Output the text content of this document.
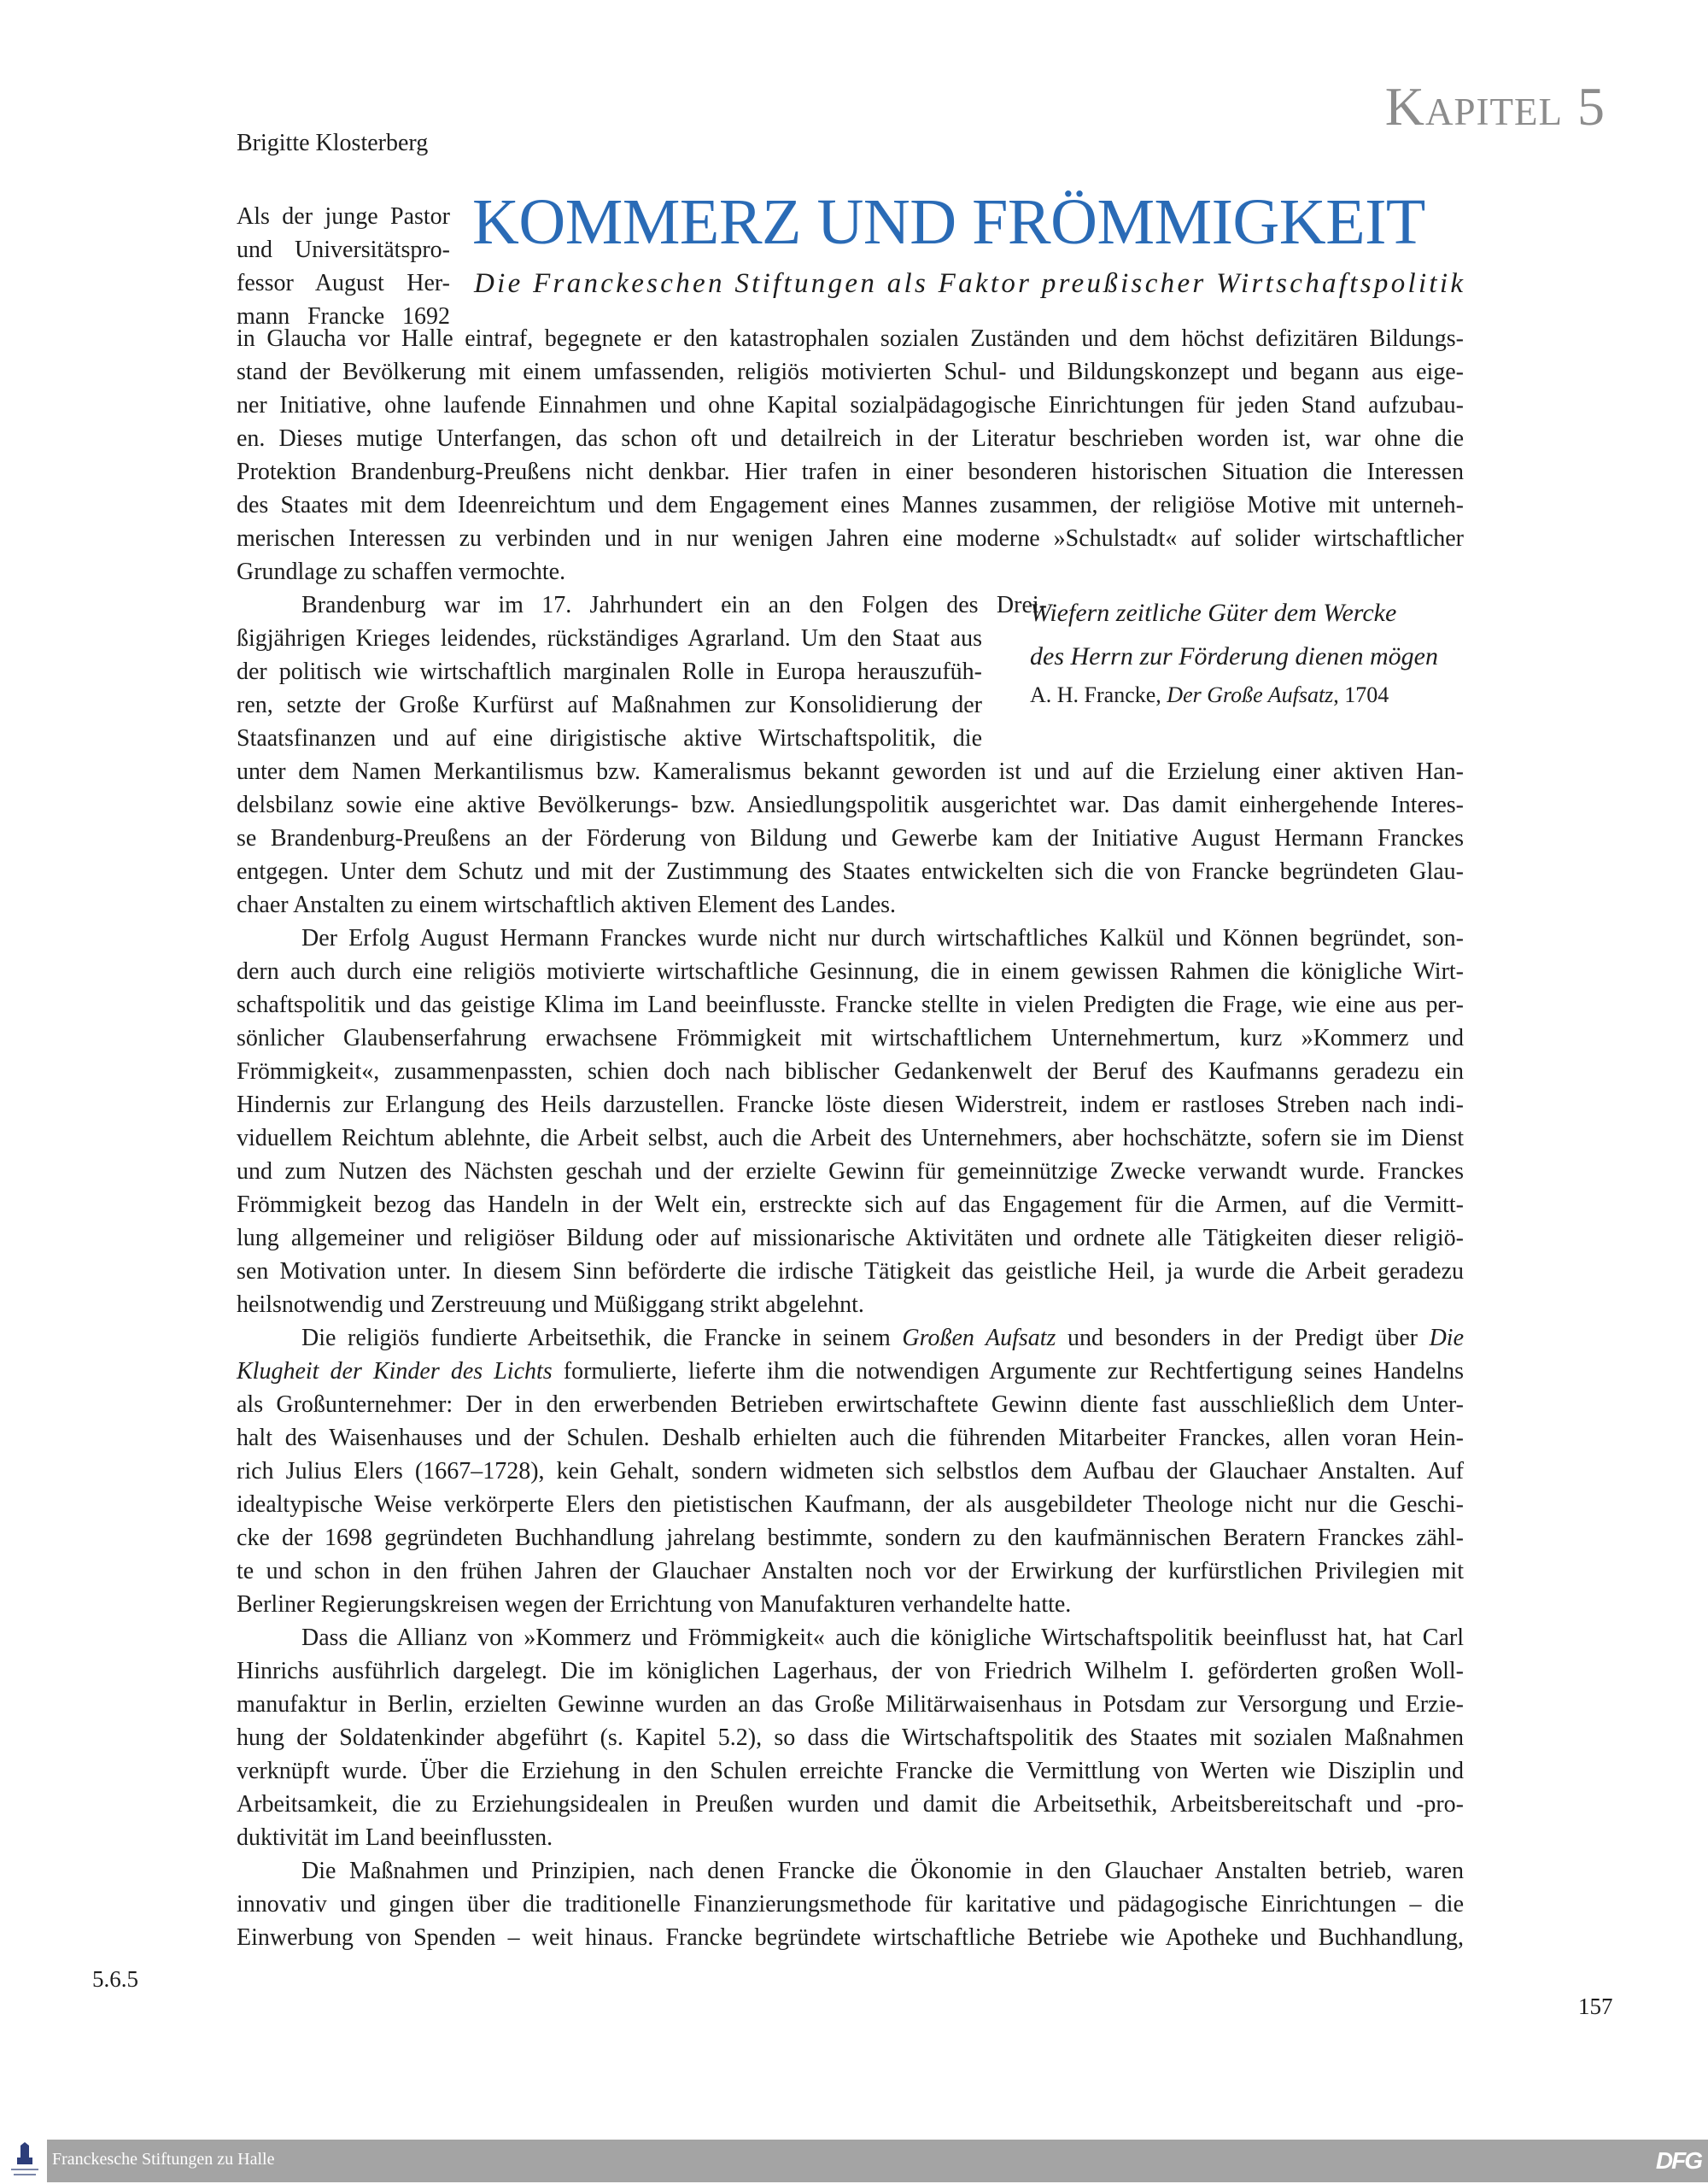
Kapitel 5
Brigitte Klosterberg
Als der junge Pastor
und Universitätspro-
fessor August Her-
mann Francke 1692
KOMMERZ UND FRÖMMIGKEIT
Die Franckeschen Stiftungen als Faktor preußischer Wirtschaftspolitik
in Glaucha vor Halle eintraf, begegnete er den katastrophalen sozialen Zuständen und dem höchst defizitären Bildungs-
stand der Bevölkerung mit einem umfassenden, religiös motivierten Schul- und Bildungskonzept und begann aus eige-
ner Initiative, ohne laufende Einnahmen und ohne Kapital sozialpädagogische Einrichtungen für jeden Stand aufzubau-
en. Dieses mutige Unterfangen, das schon oft und detailreich in der Literatur beschrieben worden ist, war ohne die
Protektion Brandenburg-Preußens nicht denkbar. Hier trafen in einer besonderen historischen Situation die Interessen
des Staates mit dem Ideenreichtum und dem Engagement eines Mannes zusammen, der religiöse Motive mit unterneh-
merischen Interessen zu verbinden und in nur wenigen Jahren eine moderne »Schulstadt« auf solider wirtschaftlicher
Grundlage zu schaffen vermochte.
Brandenburg war im 17. Jahrhundert ein an den Folgen des Drei-
ßigjährigen Krieges leidendes, rückständiges Agrarland. Um den Staat aus
der politisch wie wirtschaftlich marginalen Rolle in Europa herauszufüh-
ren, setzte der Große Kurfürst auf Maßnahmen zur Konsolidierung der
Staatsfinanzen und auf eine dirigistische aktive Wirtschaftspolitik, die
unter dem Namen Merkantilismus bzw. Kameralismus bekannt geworden ist und auf die Erzielung einer aktiven Han-
delsbilanz sowie eine aktive Bevölkerungs- bzw. Ansiedlungspolitik ausgerichtet war. Das damit einhergehende Interes-
se Brandenburg-Preußens an der Förderung von Bildung und Gewerbe kam der Initiative August Hermann Franckes
entgegen. Unter dem Schutz und mit der Zustimmung des Staates entwickelten sich die von Francke begründeten Glau-
chaer Anstalten zu einem wirtschaftlich aktiven Element des Landes.
Der Erfolg August Hermann Franckes wurde nicht nur durch wirtschaftliches Kalkül und Können begründet, son-
dern auch durch eine religiös motivierte wirtschaftliche Gesinnung, die in einem gewissen Rahmen die königliche Wirt-
schaftspolitik und das geistige Klima im Land beeinflusste. Francke stellte in vielen Predigten die Frage, wie eine aus per-
sönlicher Glaubenserfahrung erwachsene Frömmigkeit mit wirtschaftlichem Unternehmertum, kurz »Kommerz und
Frömmigkeit«, zusammenpassten, schien doch nach biblischer Gedankenwelt der Beruf des Kaufmanns geradezu ein
Hindernis zur Erlangung des Heils darzustellen. Francke löste diesen Widerstreit, indem er rastloses Streben nach indi-
viduellem Reichtum ablehnte, die Arbeit selbst, auch die Arbeit des Unternehmers, aber hochschätzte, sofern sie im Dienst
und zum Nutzen des Nächsten geschah und der erzielte Gewinn für gemeinnützige Zwecke verwandt wurde. Franckes
Frömmigkeit bezog das Handeln in der Welt ein, erstreckte sich auf das Engagement für die Armen, auf die Vermitt-
lung allgemeiner und religiöser Bildung oder auf missionarische Aktivitäten und ordnete alle Tätigkeiten dieser religiö-
sen Motivation unter. In diesem Sinn beförderte die irdische Tätigkeit das geistliche Heil, ja wurde die Arbeit geradezu
heilsnotwendig und Zerstreuung und Müßiggang strikt abgelehnt.
Die religiös fundierte Arbeitsethik, die Francke in seinem Großen Aufsatz und besonders in der Predigt über Die
Klugheit der Kinder des Lichts formulierte, lieferte ihm die notwendigen Argumente zur Rechtfertigung seines Handelns
als Großunternehmer: Der in den erwerbenden Betrieben erwirtschaftete Gewinn diente fast ausschließlich dem Unter-
halt des Waisenhauses und der Schulen. Deshalb erhielten auch die führenden Mitarbeiter Franckes, allen voran Hein-
rich Julius Elers (1667–1728), kein Gehalt, sondern widmeten sich selbstlos dem Aufbau der Glauchaer Anstalten. Auf
idealtypische Weise verkörperte Elers den pietistischen Kaufmann, der als ausgebildeter Theologe nicht nur die Geschi-
cke der 1698 gegründeten Buchhandlung jahrelang bestimmte, sondern zu den kaufmännischen Beratern Franckes zähl-
te und schon in den frühen Jahren der Glauchaer Anstalten noch vor der Erwirkung der kurfürstlichen Privilegien mit
Berliner Regierungskreisen wegen der Errichtung von Manufakturen verhandelte hatte.
Dass die Allianz von »Kommerz und Frömmigkeit« auch die königliche Wirtschaftspolitik beeinflusst hat, hat Carl
Hinrichs ausführlich dargelegt. Die im königlichen Lagerhaus, der von Friedrich Wilhelm I. geförderten großen Woll-
manufaktur in Berlin, erzielten Gewinne wurden an das Große Militärwaisenhaus in Potsdam zur Versorgung und Erzie-
hung der Soldatenkinder abgeführt (s. Kapitel 5.2), so dass die Wirtschaftspolitik des Staates mit sozialen Maßnahmen
verknüpft wurde. Über die Erziehung in den Schulen erreichte Francke die Vermittlung von Werten wie Disziplin und
Arbeitsamkeit, die zu Erziehungsidealen in Preußen wurden und damit die Arbeitsethik, Arbeitsbereitschaft und -pro-
duktivität im Land beeinflussten.
Die Maßnahmen und Prinzipien, nach denen Francke die Ökonomie in den Glauchaer Anstalten betrieb, waren
innovativ und gingen über die traditionelle Finanzierungsmethode für karitative und pädagogische Einrichtungen – die
Einwerbung von Spenden – weit hinaus. Francke begründete wirtschaftliche Betriebe wie Apotheke und Buchhandlung,
Wiefern zeitliche Güter dem Wercke
des Herrn zur Förderung dienen mögen
A. H. Francke, Der Große Aufsatz, 1704
5.6.5
157
Franckesche Stiftungen zu Halle	DFG
